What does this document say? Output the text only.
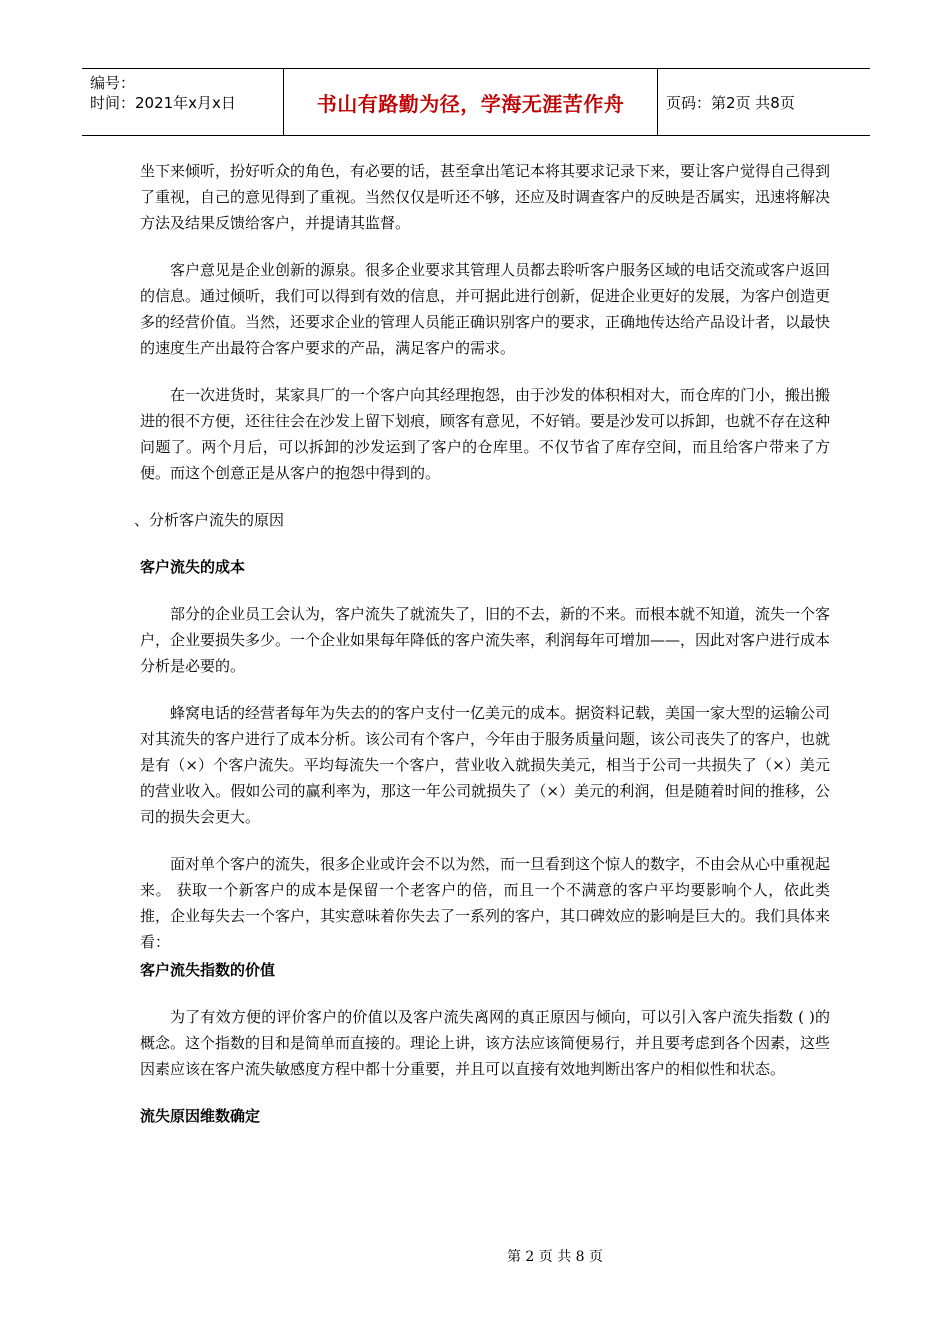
编号：
时间：2021年x月x日	书山有路勤为径，学海无涯苦作舟	页码：第2页 共8页

坐下来倾听，扮好听众的角色，有必要的话，甚至拿出笔记本将其要求记录下来，要让客户觉得自己得到了重视，自己的意见得到了重视。当然仅仅是听还不够，还应及时调查客户的反映是否属实，迅速将解决方法及结果反馈给客户，并提请其监督。

客户意见是企业创新的源泉。很多企业要求其管理人员都去聆听客户服务区域的电话交流或客户返回的信息。通过倾听，我们可以得到有效的信息，并可据此进行创新，促进企业更好的发展，为客户创造更多的经营价值。当然，还要求企业的管理人员能正确识别客户的要求，正确地传达给产品设计者，以最快的速度生产出最符合客户要求的产品，满足客户的需求。

在一次进货时，某家具厂的一个客户向其经理抱怨，由于沙发的体积相对大，而仓库的门小，搬出搬进的很不方便，还往往会在沙发上留下划痕，顾客有意见，不好销。要是沙发可以拆卸，也就不存在这种问题了。两个月后，可以拆卸的沙发运到了客户的仓库里。不仅节省了库存空间，而且给客户带来了方便。而这个创意正是从客户的抱怨中得到的。

、分析客户流失的原因

客户流失的成本

部分的企业员工会认为，客户流失了就流失了，旧的不去，新的不来。而根本就不知道，流失一个客户，企业要损失多少。一个企业如果每年降低的客户流失率，利润每年可增加——，因此对客户进行成本分析是必要的。

蜂窝电话的经营者每年为失去的的客户支付一亿美元的成本。据资料记载，美国一家大型的运输公司对其流失的客户进行了成本分析。该公司有个客户，今年由于服务质量问题，该公司丧失了的客户，也就是有（×）个客户流失。平均每流失一个客户，营业收入就损失美元，相当于公司一共损失了（×）美元的营业收入。假如公司的赢利率为，那这一年公司就损失了（×）美元的利润，但是随着时间的推移，公司的损失会更大。

面对单个客户的流失，很多企业或许会不以为然，而一旦看到这个惊人的数字，不由会从心中重视起来。 获取一个新客户的成本是保留一个老客户的倍，而且一个不满意的客户平均要影响个人，依此类推，企业每失去一个客户，其实意味着你失去了一系列的客户，其口碑效应的影响是巨大的。我们具体来看：

客户流失指数的价值

为了有效方便的评价客户的价值以及客户流失离网的真正原因与倾向，可以引入客户流失指数 ( )的概念。这个指数的目和是简单而直接的。理论上讲，该方法应该简便易行，并且要考虑到各个因素，这些因素应该在客户流失敏感度方程中都十分重要，并且可以直接有效地判断出客户的相似性和状态。

流失原因维数确定
第 2 页 共 8 页
